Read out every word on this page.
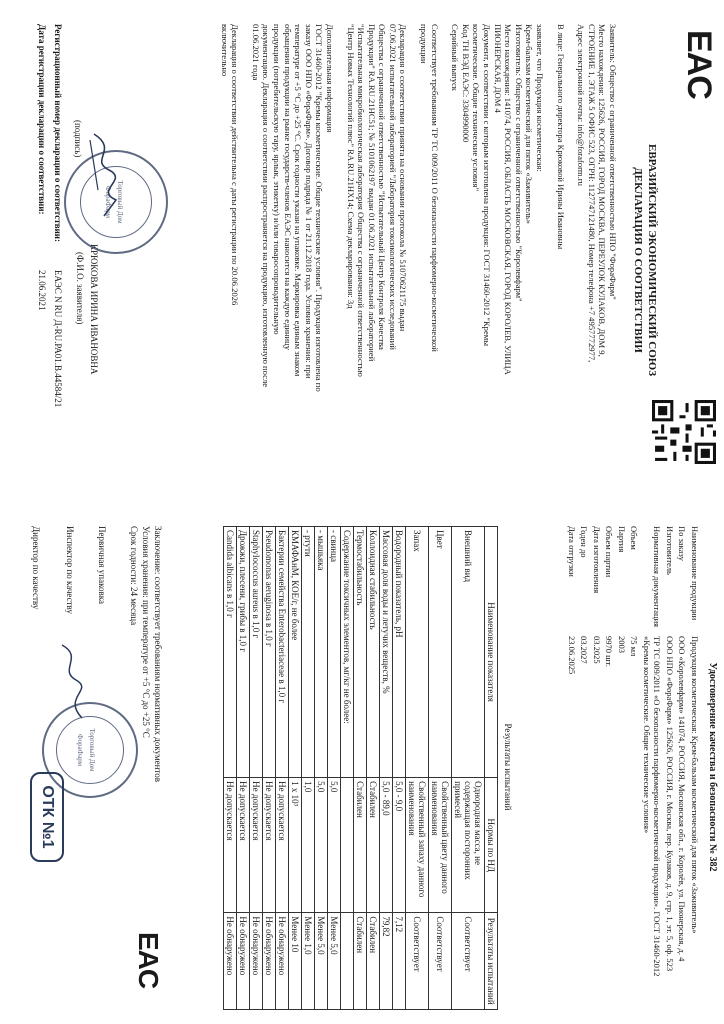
EAC
ЕВРАЗИЙСКИЙ ЭКОНОМИЧЕСКИЙ СОЮЗ
ДЕКЛАРАЦИЯ О СООТВЕТСТВИИ
Заявитель: Общество с ограниченной ответственностью НПО "ФораФарм"
Место нахождения: 125626, РОССИЯ, ГОРОД МОСКВА, ПЕРЕУЛОК КУЛАКОВ, ДОМ 9,
СТРОЕНИЕ 1, ЭТАЖ 5 ОФИС 523, ОГРН: 1127747121480, Номер телефона +7 4957772977,
Адрес электронной почты: info@foraform.ru
В лице: Генерального директора Крюковой Ирины Ивановны
заявляет, что Продукция косметическая:
Крем-бальзам косметический для пяток «Заживитель»
Изготовитель: Общество с ограниченной ответственностью "Королевфарм"
Место нахождения: 141074, РОССИЯ, ОБЛАСТЬ МОСКОВСКАЯ, ГОРОД КОРОЛЕВ, УЛИЦА
ПИОНЕРСКАЯ, ДОМ 4
Документ, в соответствии с которым изготовлена продукция: ГОСТ 31460-2012 "Кремы
косметические. Общие технические условия"
Код ТН ВЭД ЕАЭС: 3304990000
Серийный выпуск
Соответствует требованиям ТР ТС 009/2011 О безопасности парфюмерно-косметической
продукции
Декларация о соответствии принята на основании протокола № 51070621175 выдан
07.06.2021 испытательной лабораторией "Лаборатория токсикологических исследований
Общества с ограниченной ответственностью "Испытательный Центр Контроля Качества
Продукции" RA.RU.21НС51; № 5101062197 выдан 01.06.2021 испытательной лабораторией
"Испытательная микробиологическая лаборатория Общества с ограниченной ответственностью
"Центр Новых Технологий плюс" RA.RU.21НХ14; Схема декларирования: 3д
Дополнительная информация
ГОСТ 31460-2012 "Кремы косметические. Общие технические условия". Продукция изготовлена по
заказу ООО НПО «ФораФарм». Договор подряда № 1 от 21.12.2018 года. Условия хранения: при
температуре от +5 °С до +25 °С. Срок годности указан на упаковке. Маркировка единым знаком
обращения продукции на рынке государств-членов ЕАЭС наносится на каждую единицу
продукции (потребительскую тару, ярлык, этикетку) и/или товаросопроводительную
документацию. Декларация о соответствии распространяется на продукцию, изготовленную после
01.06.2021 года
Декларация о соответствии действительна с даты регистрации по 20.06.2026
включительно
(подпись)
КРЮКОВА ИРИНА ИВАНОВНА
(Ф.И.О. заявителя)
Регистрационный номер декларации о соответствии:
ЕАЭС N RU Д-RU.РА01.В.44584/21
Дата регистрации декларации о соответствии:
21.06.2021
Торговый Дом ФораФарм
Удостоверение качества и безопасности № 382
Наименование продукции
Продукция косметическая: Крем-бальзам косметический для пяток «Заживитель»
По заказу
ООО «Королевфарм» 141074, РОССИЯ, Московская обл., г. Королёв, ул. Пионерская, д. 4
Изготовитель
ООО НПО «ФораФарм» 125626, РОССИЯ, г. Москва, пер. Кулаков, д. 9, стр. 1, эт. 5, оф. 523
Нормативная документация
ТР ТС 009/2011 «О безопасности парфюмерно-косметической продукции». ГОСТ 31460-2012 «Кремы косметические. Общие технические условия»
Объем
75 мл
Партия
2003
Объем партии
9970 шт.
Дата изготовления
03.2025
Годен до
03.2027
Дата отгрузки
23.06.2025
Результаты испытаний
Наименование показателя	Нормы по НД	Результаты испытаний
Внешний вид	Однородная масса, не содержащая посторонних примесей	Соответствует
Цвет	Свойственный цвету данного наименования	Соответствует
Запах	Свойственный запаху данного наименования	Соответствует
Водородный показатель, pH	5,0 - 9,0	7,12
Массовая доля воды и летучих веществ, %	5,0 - 89,0	79,82
Коллоидная стабильность	Стабилен	Стабилен
Термостабильность	Стабилен	Стабилен
Содержание токсичных элементов, мг/кг не более:		
- свинца	5,0	Менее 5,0
- мышьяка	5,0	Менее 5,0
- ртути	1,0	Менее 1,0
КМАФАнМ, КОЕ/г, не более	1 х 10³	Менее 10
Бактерии семейства Enterobacteriaceae в 1,0 г	Не допускается	Не обнаружено
Pseudomonas aeruginosa в 1,0 г	Не допускается	Не обнаружено
Staphylococcus aureus в 1,0 г	Не допускается	Не обнаружено
Дрожжи, плесени, грибы в 1,0 г	Не допускается	Не обнаружено
Candida albicans в 1,0 г	Не допускается	Не обнаружено
Заключение: соответствует требованиям нормативных документов
Условия хранения: при температуре от +5 °С до +25 °С
Срок годности: 24 месяца
Первичная упаковка
Инспектор по качеству
Директор по качеству
Торговый Дом ФораФарм
ОТК №1
EAC
